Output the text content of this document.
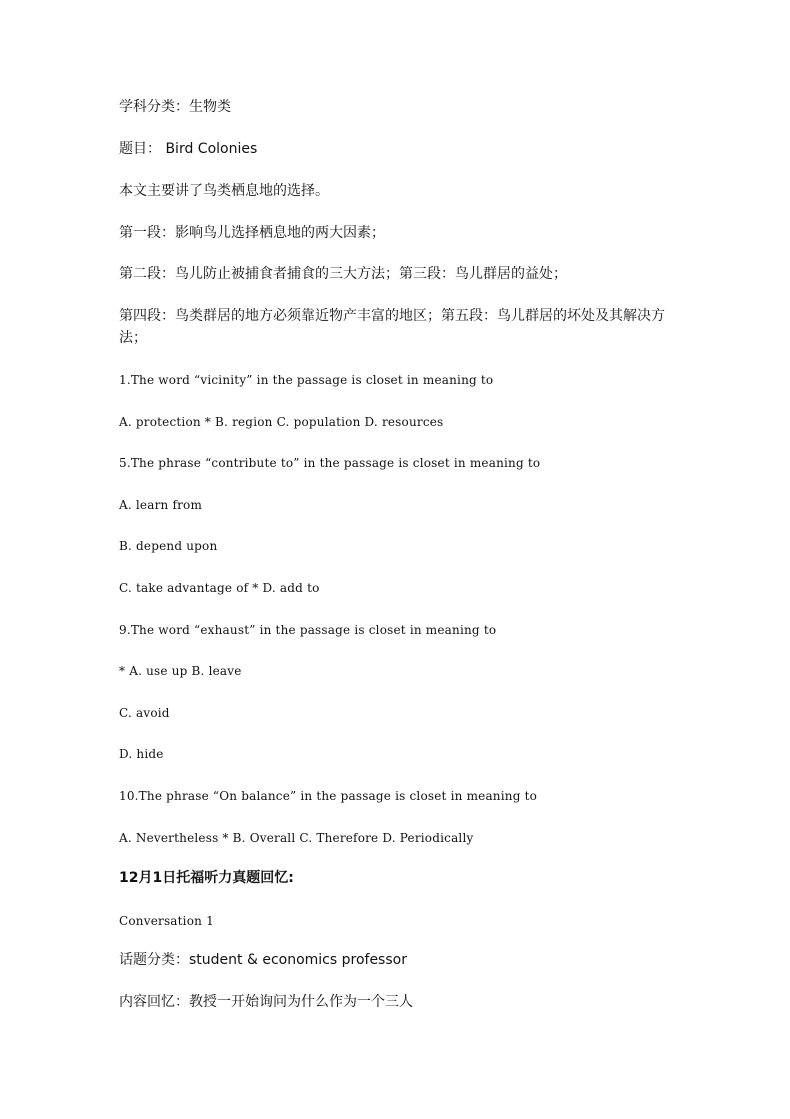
学科分类：生物类
题目： Bird Colonies
本文主要讲了鸟类栖息地的选择。
第一段：影响鸟儿选择栖息地的两大因素；
第二段：鸟儿防止被捕食者捕食的三大方法；第三段：鸟儿群居的益处；
第四段：鸟类群居的地方必须靠近物产丰富的地区；第五段：鸟儿群居的坏处及其解决方法；
1.The word “vicinity” in the passage is closet in meaning to
A. protection * B. region C. population D. resources
5.The phrase “contribute to” in the passage is closet in meaning to
A. learn from
B. depend upon
C. take advantage of * D. add to
9.The word “exhaust” in the passage is closet in meaning to
* A. use up B. leave
C. avoid
D. hide
10.The phrase “On balance” in the passage is closet in meaning to
A. Nevertheless * B. Overall C. Therefore D. Periodically
12月1日托福听力真题回忆:
Conversation 1
话题分类：student & economics professor
内容回忆：教授一开始询问为什么作为一个三人
